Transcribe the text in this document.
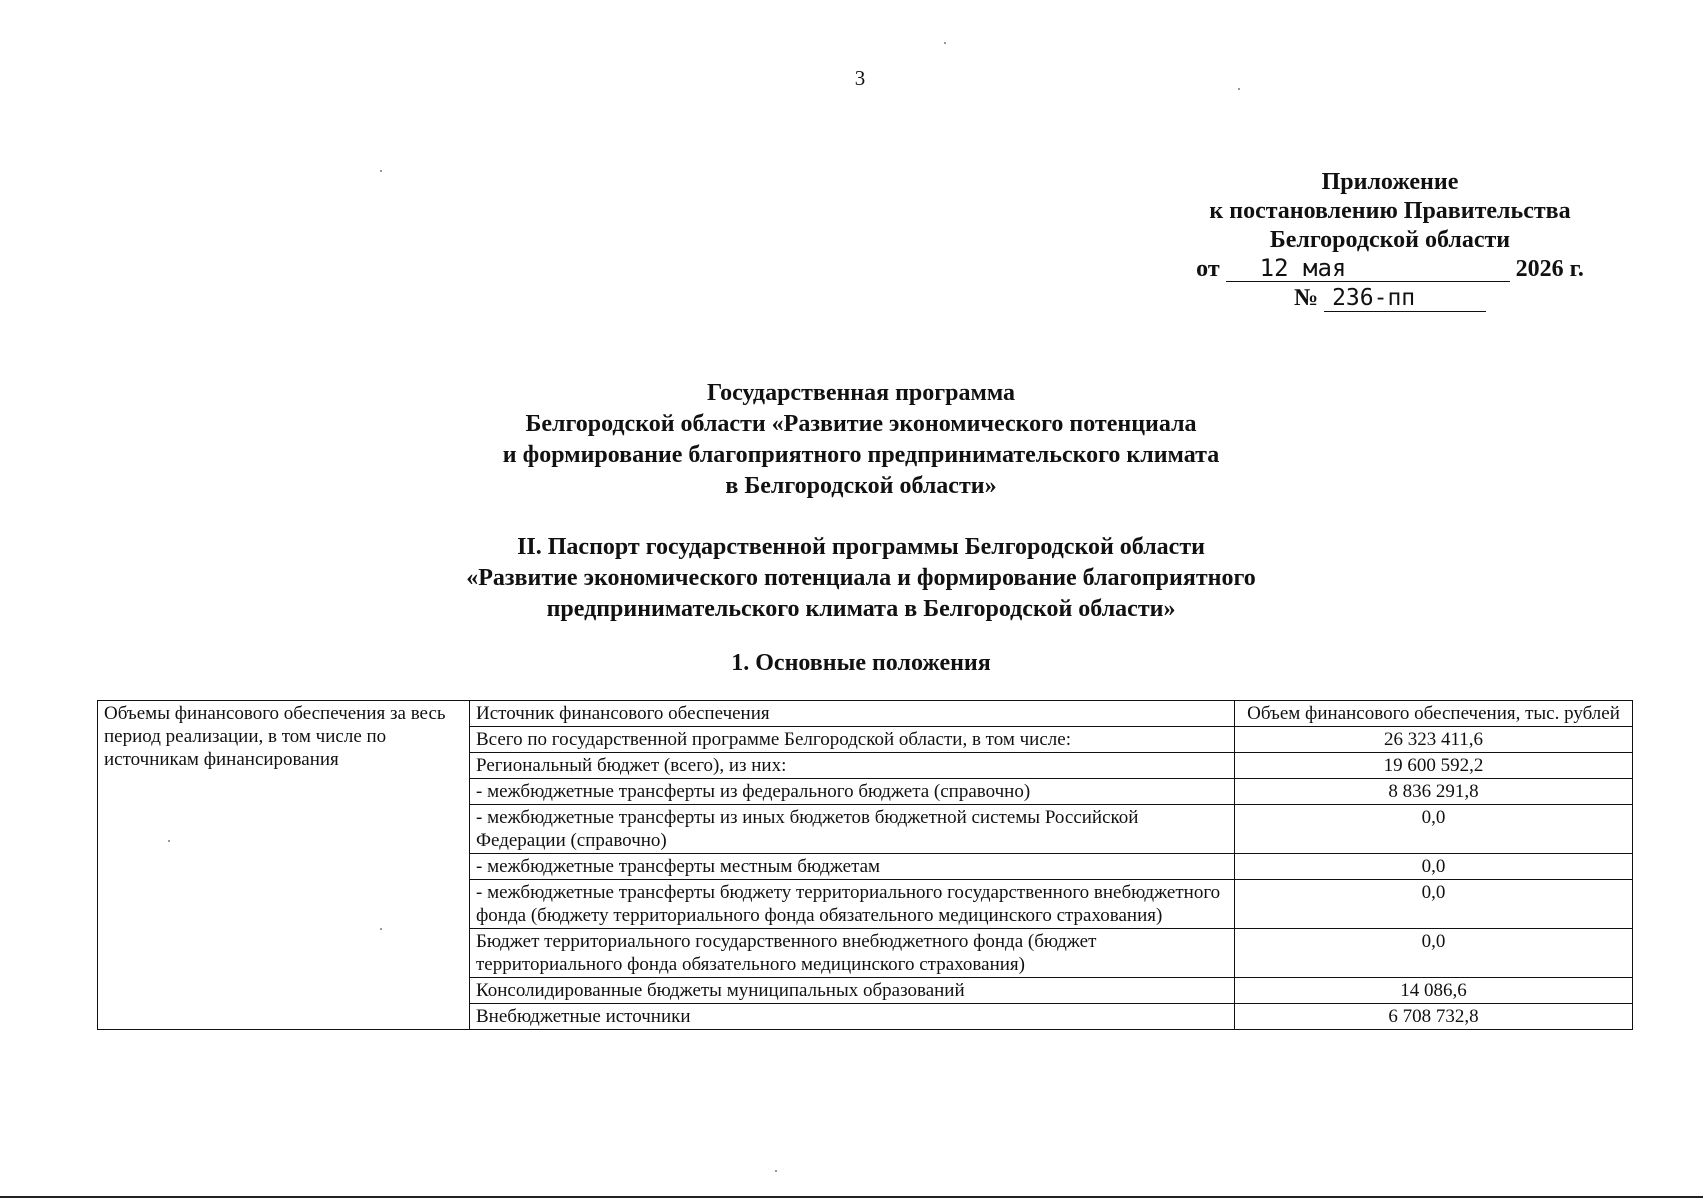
3
Приложение
к постановлению Правительства
Белгородской области
от 12 мая	2026 г.
№ 236-пп
Государственная программа
Белгородской области «Развитие экономического потенциала
и формирование благоприятного предпринимательского климата
в Белгородской области»
II. Паспорт государственной программы Белгородской области
«Развитие экономического потенциала и формирование благоприятного
предпринимательского климата в Белгородской области»
1. Основные положения
Объемы финансового обеспечения за весь период реализации, в том числе по источникам финансирования	Источник финансового обеспечения	Объем финансового обеспечения, тыс. рублей
	Всего по государственной программе Белгородской области, в том числе:	26 323 411,6
	Региональный бюджет (всего), из них:	19 600 592,2
	- межбюджетные трансферты из федерального бюджета (справочно)	8 836 291,8
	- межбюджетные трансферты из иных бюджетов бюджетной системы Российской Федерации (справочно)	0,0
	- межбюджетные трансферты местным бюджетам	0,0
	- межбюджетные трансферты бюджету территориального государственного внебюджетного фонда (бюджету территориального фонда обязательного медицинского страхования)	0,0
	Бюджет территориального государственного внебюджетного фонда (бюджет территориального фонда обязательного медицинского страхования)	0,0
	Консолидированные бюджеты муниципальных образований	14 086,6
	Внебюджетные источники	6 708 732,8
